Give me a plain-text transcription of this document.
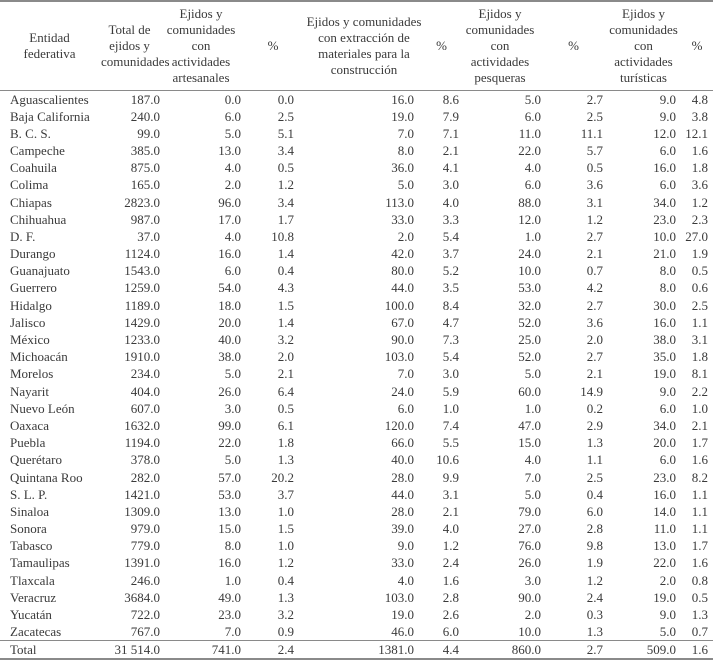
Entidad federativa	Total de ejidos y comunidades	Ejidos y comunidades con actividades artesanales	%	Ejidos y comunidades con extracción de materiales para la construcción	%	Ejidos y comunidades con actividades pesqueras	%	Ejidos y comunidades con actividades turísticas	%
Aguascalientes	187.0	0.0	0.0	16.0	8.6	5.0	2.7	9.0	4.8
Baja California	240.0	6.0	2.5	19.0	7.9	6.0	2.5	9.0	3.8
B. C. S.	99.0	5.0	5.1	7.0	7.1	11.0	11.1	12.0	12.1
Campeche	385.0	13.0	3.4	8.0	2.1	22.0	5.7	6.0	1.6
Coahuila	875.0	4.0	0.5	36.0	4.1	4.0	0.5	16.0	1.8
Colima	165.0	2.0	1.2	5.0	3.0	6.0	3.6	6.0	3.6
Chiapas	2823.0	96.0	3.4	113.0	4.0	88.0	3.1	34.0	1.2
Chihuahua	987.0	17.0	1.7	33.0	3.3	12.0	1.2	23.0	2.3
D. F.	37.0	4.0	10.8	2.0	5.4	1.0	2.7	10.0	27.0
Durango	1124.0	16.0	1.4	42.0	3.7	24.0	2.1	21.0	1.9
Guanajuato	1543.0	6.0	0.4	80.0	5.2	10.0	0.7	8.0	0.5
Guerrero	1259.0	54.0	4.3	44.0	3.5	53.0	4.2	8.0	0.6
Hidalgo	1189.0	18.0	1.5	100.0	8.4	32.0	2.7	30.0	2.5
Jalisco	1429.0	20.0	1.4	67.0	4.7	52.0	3.6	16.0	1.1
México	1233.0	40.0	3.2	90.0	7.3	25.0	2.0	38.0	3.1
Michoacán	1910.0	38.0	2.0	103.0	5.4	52.0	2.7	35.0	1.8
Morelos	234.0	5.0	2.1	7.0	3.0	5.0	2.1	19.0	8.1
Nayarit	404.0	26.0	6.4	24.0	5.9	60.0	14.9	9.0	2.2
Nuevo León	607.0	3.0	0.5	6.0	1.0	1.0	0.2	6.0	1.0
Oaxaca	1632.0	99.0	6.1	120.0	7.4	47.0	2.9	34.0	2.1
Puebla	1194.0	22.0	1.8	66.0	5.5	15.0	1.3	20.0	1.7
Querétaro	378.0	5.0	1.3	40.0	10.6	4.0	1.1	6.0	1.6
Quintana Roo	282.0	57.0	20.2	28.0	9.9	7.0	2.5	23.0	8.2
S. L. P.	1421.0	53.0	3.7	44.0	3.1	5.0	0.4	16.0	1.1
Sinaloa	1309.0	13.0	1.0	28.0	2.1	79.0	6.0	14.0	1.1
Sonora	979.0	15.0	1.5	39.0	4.0	27.0	2.8	11.0	1.1
Tabasco	779.0	8.0	1.0	9.0	1.2	76.0	9.8	13.0	1.7
Tamaulipas	1391.0	16.0	1.2	33.0	2.4	26.0	1.9	22.0	1.6
Tlaxcala	246.0	1.0	0.4	4.0	1.6	3.0	1.2	2.0	0.8
Veracruz	3684.0	49.0	1.3	103.0	2.8	90.0	2.4	19.0	0.5
Yucatán	722.0	23.0	3.2	19.0	2.6	2.0	0.3	9.0	1.3
Zacatecas	767.0	7.0	0.9	46.0	6.0	10.0	1.3	5.0	0.7
Total	31 514.0	741.0	2.4	1381.0	4.4	860.0	2.7	509.0	1.6
